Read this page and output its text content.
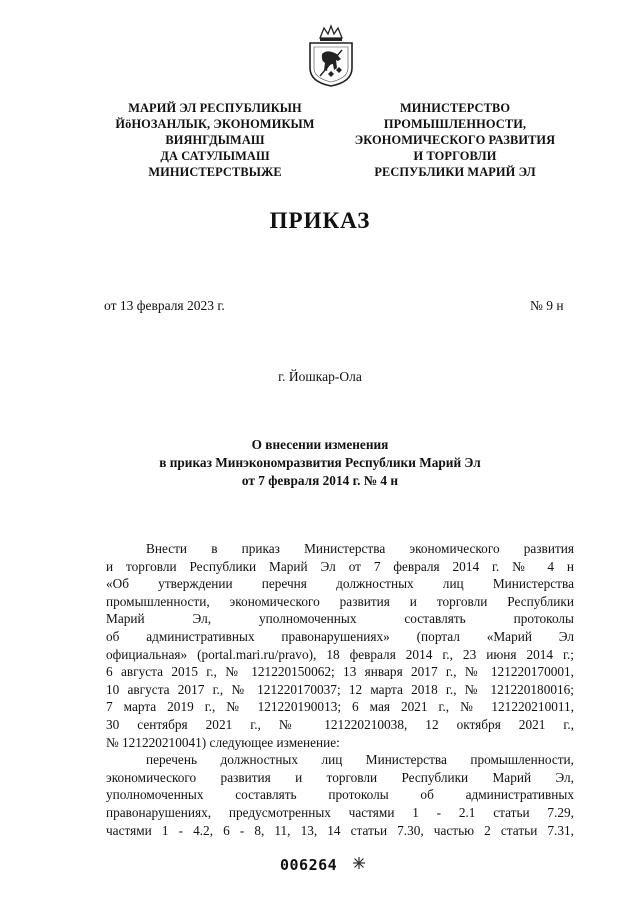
МАРИЙ ЭЛ РЕСПУБЛИКЫН
ЙӧНОЗАНЛЫК, ЭКОНОМИКЫМ
ВИЯНГДЫМАШ
ДА САТУЛЫМАШ
МИНИСТЕРСТВЫЖЕ
МИНИСТЕРСТВО
ПРОМЫШЛЕННОСТИ,
ЭКОНОМИЧЕСКОГО РАЗВИТИЯ
И ТОРГОВЛИ
РЕСПУБЛИКИ МАРИЙ ЭЛ
ПРИКАЗ
от 13 февраля 2023 г.	№ 9 н
г. Йошкар-Ола
О внесении изменения
в приказ Минэкономразвития Республики Марий Эл
от 7 февраля 2014 г. № 4 н

Внести в приказ Министерства экономического развития

и торговли Республики Марий Эл от 7 февраля 2014 г. № 4 н

«Об утверждении перечня должностных лиц Министерства

промышленности, экономического развития и торговли Республики

Марий Эл, уполномоченных составлять протоколы

об административных правонарушениях» (портал «Марий Эл

официальная» (portal.mari.ru/pravo), 18 февраля 2014 г., 23 июня 2014 г.;

6 августа 2015 г., № 121220150062; 13 января 2017 г., № 121220170001,

10 августа 2017 г., № 121220170037; 12 марта 2018 г., № 121220180016;

7 марта 2019 г., № 121220190013; 6 мая 2021 г., № 121220210011,

30 сентября 2021 г., № 121220210038, 12 октября 2021 г.,

№ 121220210041) следующее изменение:

перечень должностных лиц Министерства промышленности,

экономического развития и торговли Республики Марий Эл,

уполномоченных составлять протоколы об административных

правонарушениях, предусмотренных частями 1 - 2.1 статьи 7.29,

частями 1 - 4.2, 6 - 8, 11, 13, 14 статьи 7.30, частью 2 статьи 7.31,

006264
